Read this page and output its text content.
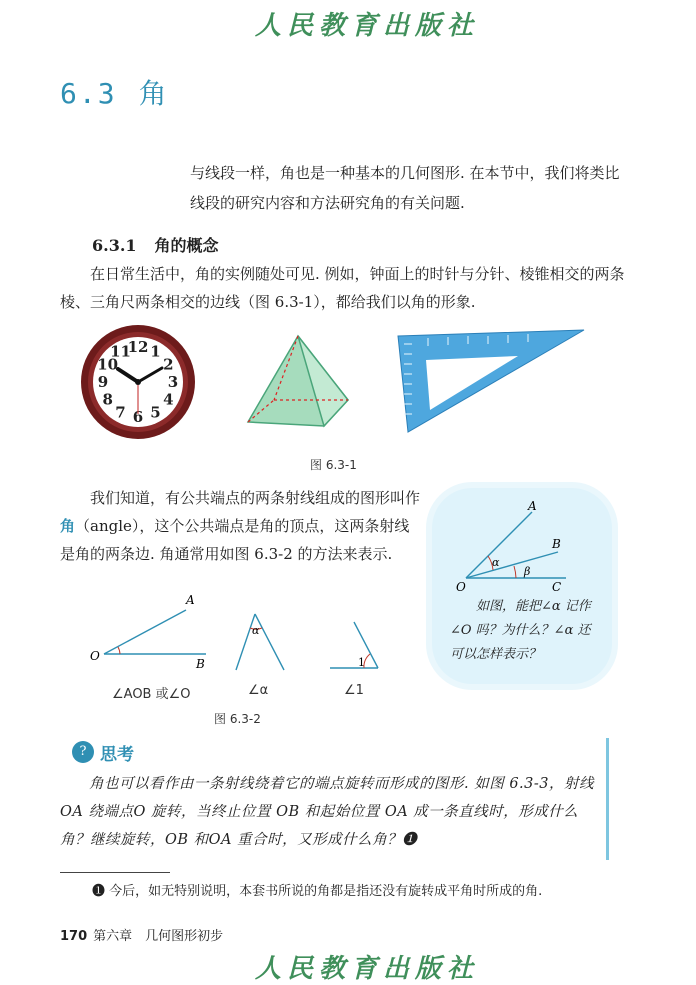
人民教育出版社
6.3 角
与线段一样，角也是一种基本的几何图形. 在本节中，我们将类比线段的研究内容和方法研究角的有关问题.
6.3.1 角的概念
在日常生活中，角的实例随处可见. 例如，钟面上的时针与分针、棱锥相交的两条棱、三角尺两条相交的边线（图 6.3-1），都给我们以角的形象.
12 1
2
3
4
5
6
7
8
9
10
11
图 6.3-1
我们知道，有公共端点的两条射线组成的图形叫作角（angle），这个公共端点是角的顶点，这两条射线是角的两条边. 角通常用如图 6.3-2 的方法来表示.
A
B
C
O
α
β
如图，能把∠α 记作∠O 吗？为什么？∠α 还可以怎样表示？
A
O
B
α
1
∠AOB 或∠O	∠α	∠1
图 6.3-2
? 思考
角也可以看作由一条射线绕着它的端点旋转而形成的图形. 如图 6.3-3，射线 OA 绕端点O 旋转，当终止位置 OB 和起始位置 OA 成一条直线时，形成什么角？继续旋转，OB 和OA 重合时，又形成什么角？❶
❶ 今后，如无特别说明，本套书所说的角都是指还没有旋转成平角时所成的角.
170 第六章　几何图形初步
人民教育出版社
